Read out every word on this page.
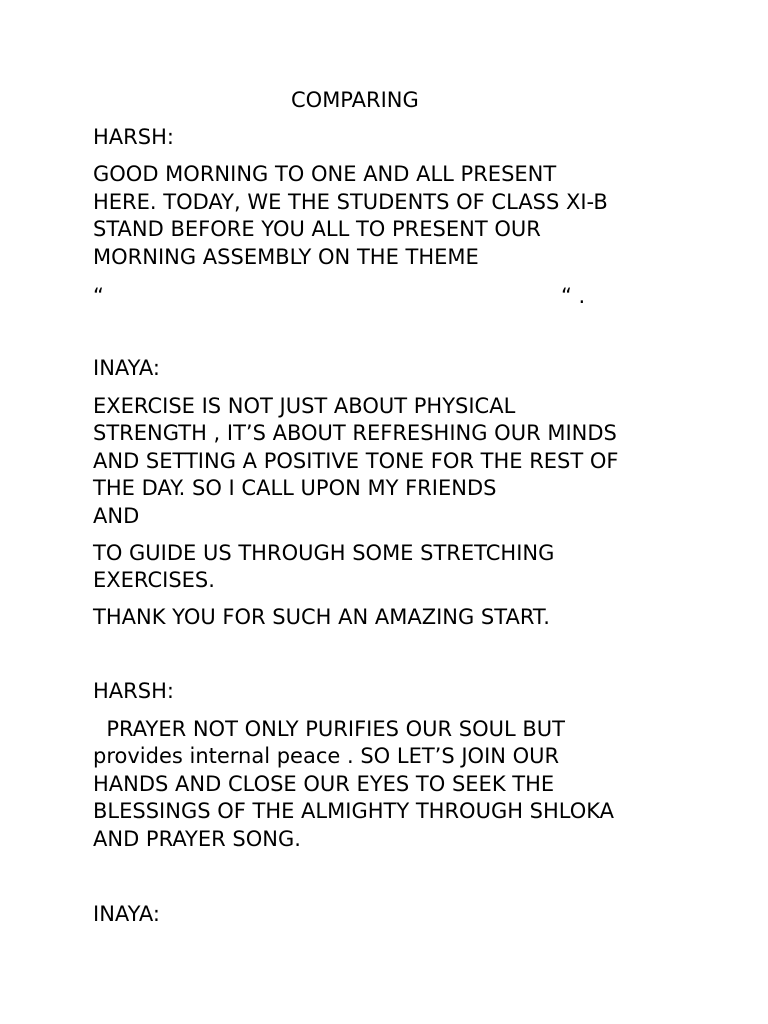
COMPARING
HARSH:
GOOD MORNING TO ONE AND ALL PRESENT
HERE. TODAY, WE THE STUDENTS OF CLASS XI-B
STAND BEFORE YOU ALL TO PRESENT OUR
MORNING ASSEMBLY ON THE THEME
“	“ .
INAYA:
EXERCISE IS NOT JUST ABOUT PHYSICAL
STRENGTH , IT’S ABOUT REFRESHING OUR MINDS
AND SETTING A POSITIVE TONE FOR THE REST OF
THE DAY. SO I CALL UPON MY FRIENDS
AND
TO GUIDE US THROUGH SOME STRETCHING
EXERCISES.
THANK YOU FOR SUCH AN AMAZING START.
HARSH:
PRAYER NOT ONLY PURIFIES OUR SOUL BUT
provides internal peace . SO LET’S JOIN OUR
HANDS AND CLOSE OUR EYES TO SEEK THE
BLESSINGS OF THE ALMIGHTY THROUGH SHLOKA
AND PRAYER SONG.
INAYA:
